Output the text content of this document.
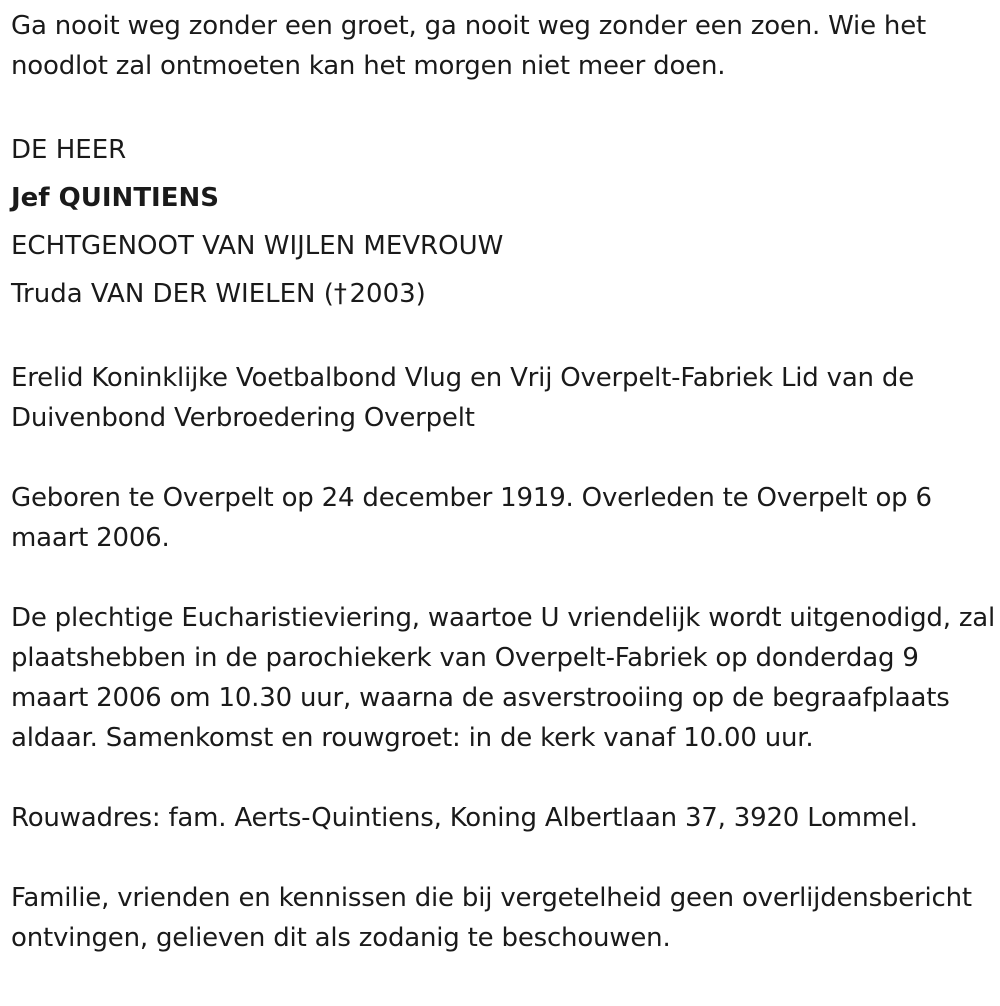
Ga nooit weg zonder een groet, ga nooit weg zonder een zoen. Wie het noodlot zal ontmoeten kan het morgen niet meer doen.

DE HEER
Jef QUINTIENS
ECHTGENOOT VAN WIJLEN MEVROUW
Truda VAN DER WIELEN († 2003)

Erelid Koninklijke Voetbalbond Vlug en Vrij Overpelt-Fabriek Lid van de Duivenbond Verbroedering Overpelt

Geboren te Overpelt op 24 december 1919. Overleden te Overpelt op 6 maart 2006.

De plechtige Eucharistieviering, waartoe U vriendelijk wordt uitgenodigd, zal plaatshebben in de parochiekerk van Overpelt-Fabriek op donderdag 9 maart 2006 om 10.30 uur, waarna de asverstrooiing op de begraafplaats aldaar. Samenkomst en rouwgroet: in de kerk vanaf 10.00 uur.

Rouwadres: fam. Aerts-Quintiens, Koning Albertlaan 37, 3920 Lommel.

Familie, vrienden en kennissen die bij vergetelheid geen overlijdensbericht ontvingen, gelieven dit als zodanig te beschouwen.
